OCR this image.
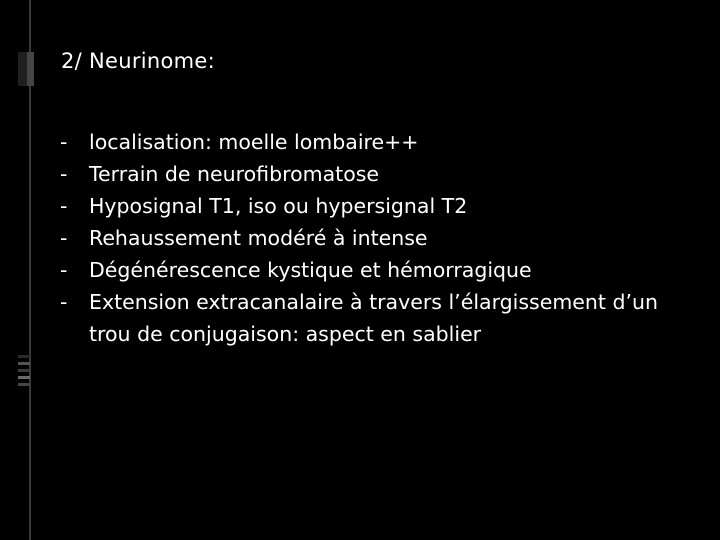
2/ Neurinome:
- localisation: moelle lombaire++
- Terrain de neurofibromatose
- Hyposignal T1, iso ou hypersignal T2
- Rehaussement modéré à intense
- Dégénérescence kystique et hémorragique
- Extension extracanalaire à travers l’élargissement d’un trou de conjugaison: aspect en sablier
